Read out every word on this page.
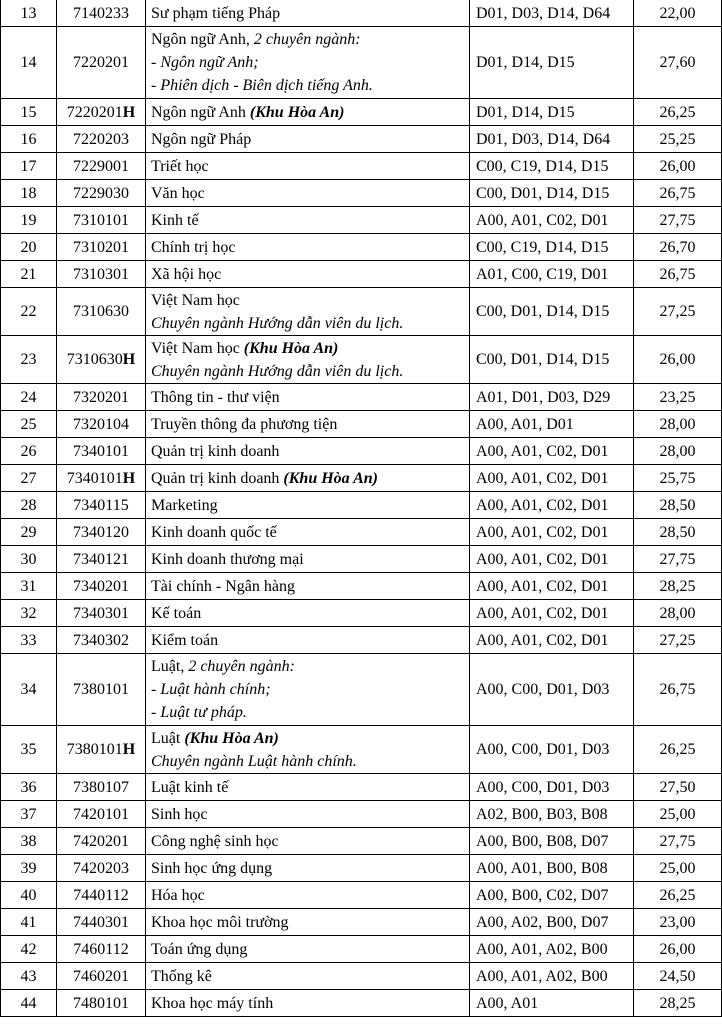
13	7140233	Sư phạm tiếng Pháp	D01, D03, D14, D64	22,00
14	7220201	Ngôn ngữ Anh, 2 chuyên ngành:
- Ngôn ngữ Anh;
- Phiên dịch - Biên dịch tiếng Anh.	D01, D14, D15	27,60
15	7220201H	Ngôn ngữ Anh (Khu Hòa An)	D01, D14, D15	26,25
16	7220203	Ngôn ngữ Pháp	D01, D03, D14, D64	25,25
17	7229001	Triết học	C00, C19, D14, D15	26,00
18	7229030	Văn học	C00, D01, D14, D15	26,75
19	7310101	Kinh tế	A00, A01, C02, D01	27,75
20	7310201	Chính trị học	C00, C19, D14, D15	26,70
21	7310301	Xã hội học	A01, C00, C19, D01	26,75
22	7310630	Việt Nam học
Chuyên ngành Hướng dẫn viên du lịch.	C00, D01, D14, D15	27,25
23	7310630H	Việt Nam học (Khu Hòa An)
Chuyên ngành Hướng dẫn viên du lịch.	C00, D01, D14, D15	26,00
24	7320201	Thông tin - thư viện	A01, D01, D03, D29	23,25
25	7320104	Truyền thông đa phương tiện	A00, A01, D01	28,00
26	7340101	Quản trị kinh doanh	A00, A01, C02, D01	28,00
27	7340101H	Quản trị kinh doanh (Khu Hòa An)	A00, A01, C02, D01	25,75
28	7340115	Marketing	A00, A01, C02, D01	28,50
29	7340120	Kinh doanh quốc tế	A00, A01, C02, D01	28,50
30	7340121	Kinh doanh thương mại	A00, A01, C02, D01	27,75
31	7340201	Tài chính - Ngân hàng	A00, A01, C02, D01	28,25
32	7340301	Kế toán	A00, A01, C02, D01	28,00
33	7340302	Kiểm toán	A00, A01, C02, D01	27,25
34	7380101	Luật, 2 chuyên ngành:
- Luật hành chính;
- Luật tư pháp.	A00, C00, D01, D03	26,75
35	7380101H	Luật (Khu Hòa An)
Chuyên ngành Luật hành chính.	A00, C00, D01, D03	26,25
36	7380107	Luật kinh tế	A00, C00, D01, D03	27,50
37	7420101	Sinh học	A02, B00, B03, B08	25,00
38	7420201	Công nghệ sinh học	A00, B00, B08, D07	27,75
39	7420203	Sinh học ứng dụng	A00, A01, B00, B08	25,00
40	7440112	Hóa học	A00, B00, C02, D07	26,25
41	7440301	Khoa học môi trường	A00, A02, B00, D07	23,00
42	7460112	Toán ứng dụng	A00, A01, A02, B00	26,00
43	7460201	Thống kê	A00, A01, A02, B00	24,50
44	7480101	Khoa học máy tính	A00, A01	28,25
